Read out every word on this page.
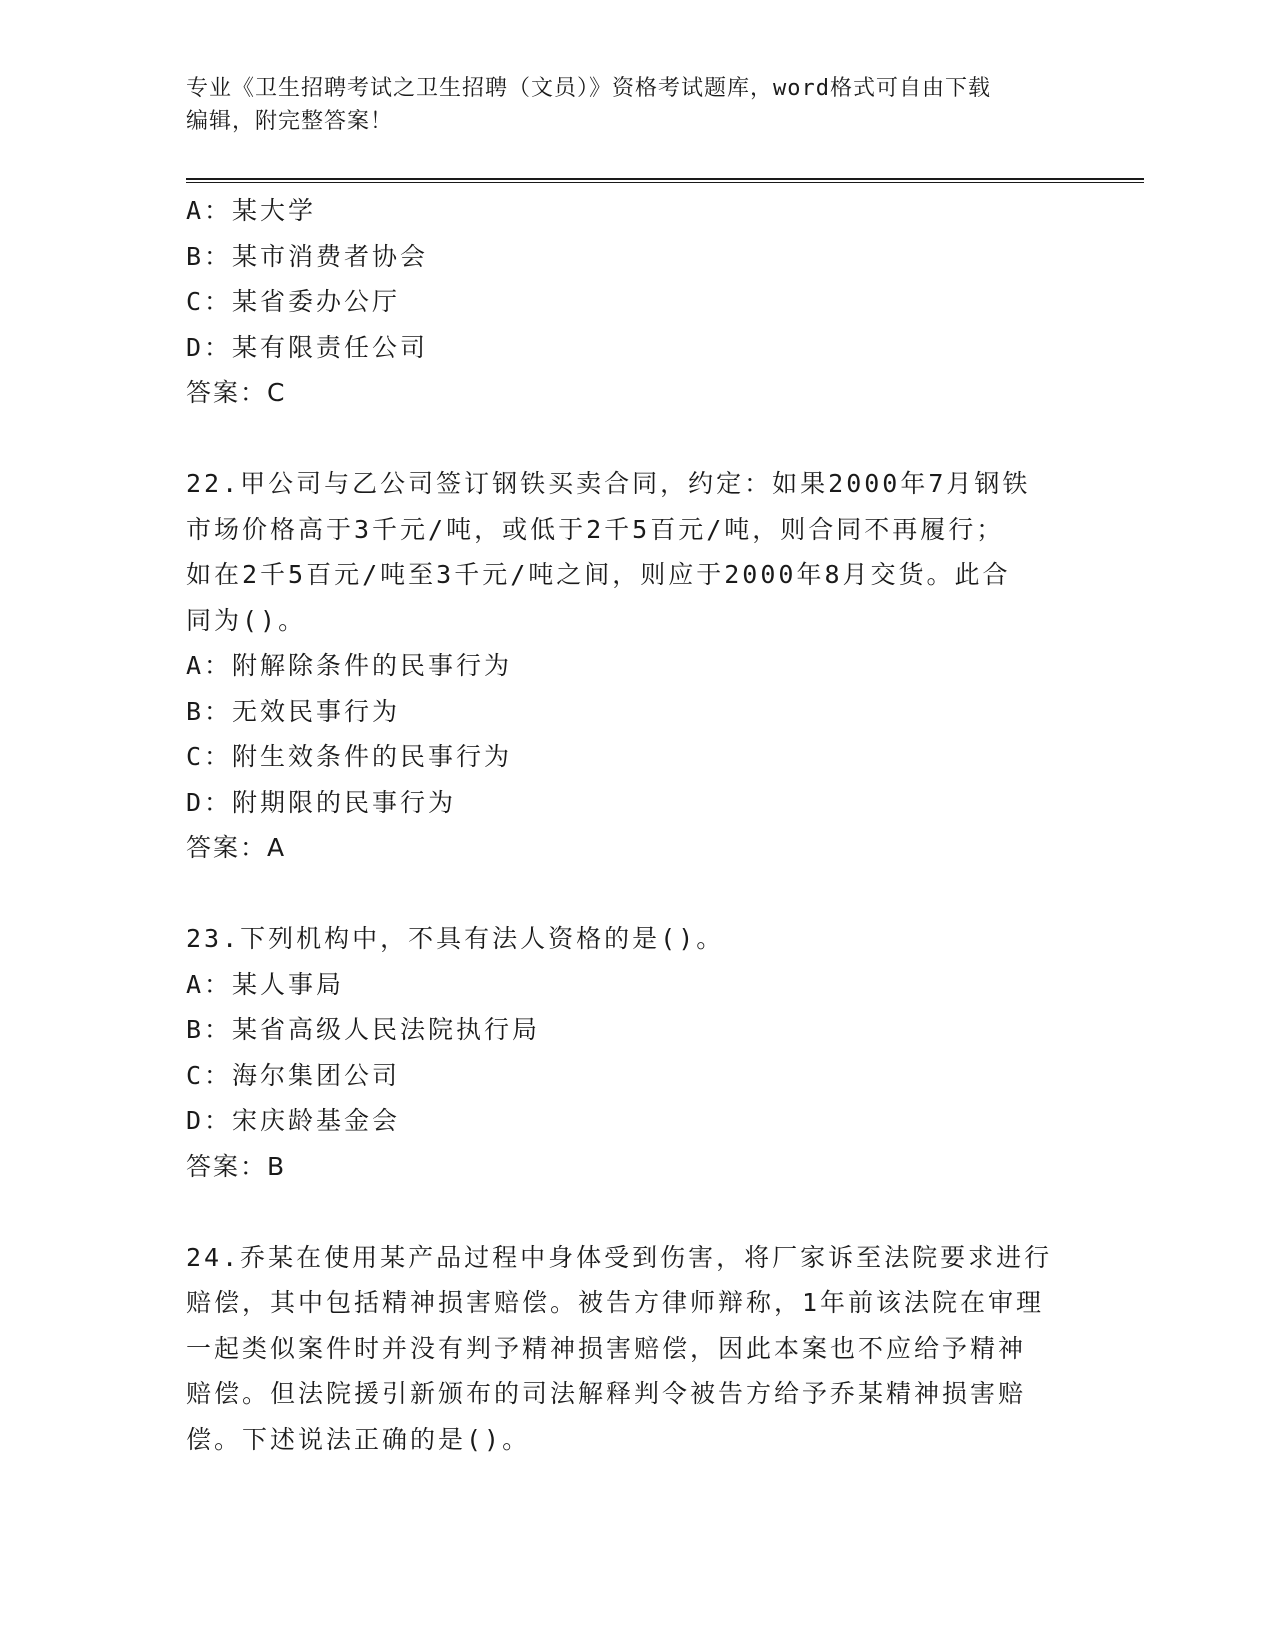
专业《卫生招聘考试之卫生招聘（文员）》资格考试题库，word格式可自由下载
编辑，附完整答案！
A：某大学
B：某市消费者协会
C：某省委办公厅
D：某有限责任公司
答案：C
22.甲公司与乙公司签订钢铁买卖合同，约定：如果2000年7月钢铁
市场价格高于3千元/吨，或低于2千5百元/吨，则合同不再履行；
如在2千5百元/吨至3千元/吨之间，则应于2000年8月交货。此合
同为()。
A：附解除条件的民事行为
B：无效民事行为
C：附生效条件的民事行为
D：附期限的民事行为
答案：A
23.下列机构中，不具有法人资格的是()。
A：某人事局
B：某省高级人民法院执行局
C：海尔集团公司
D：宋庆龄基金会
答案：B
24.乔某在使用某产品过程中身体受到伤害，将厂家诉至法院要求进行
赔偿，其中包括精神损害赔偿。被告方律师辩称，1年前该法院在审理
一起类似案件时并没有判予精神损害赔偿，因此本案也不应给予精神
赔偿。但法院援引新颁布的司法解释判令被告方给予乔某精神损害赔
偿。下述说法正确的是()。
